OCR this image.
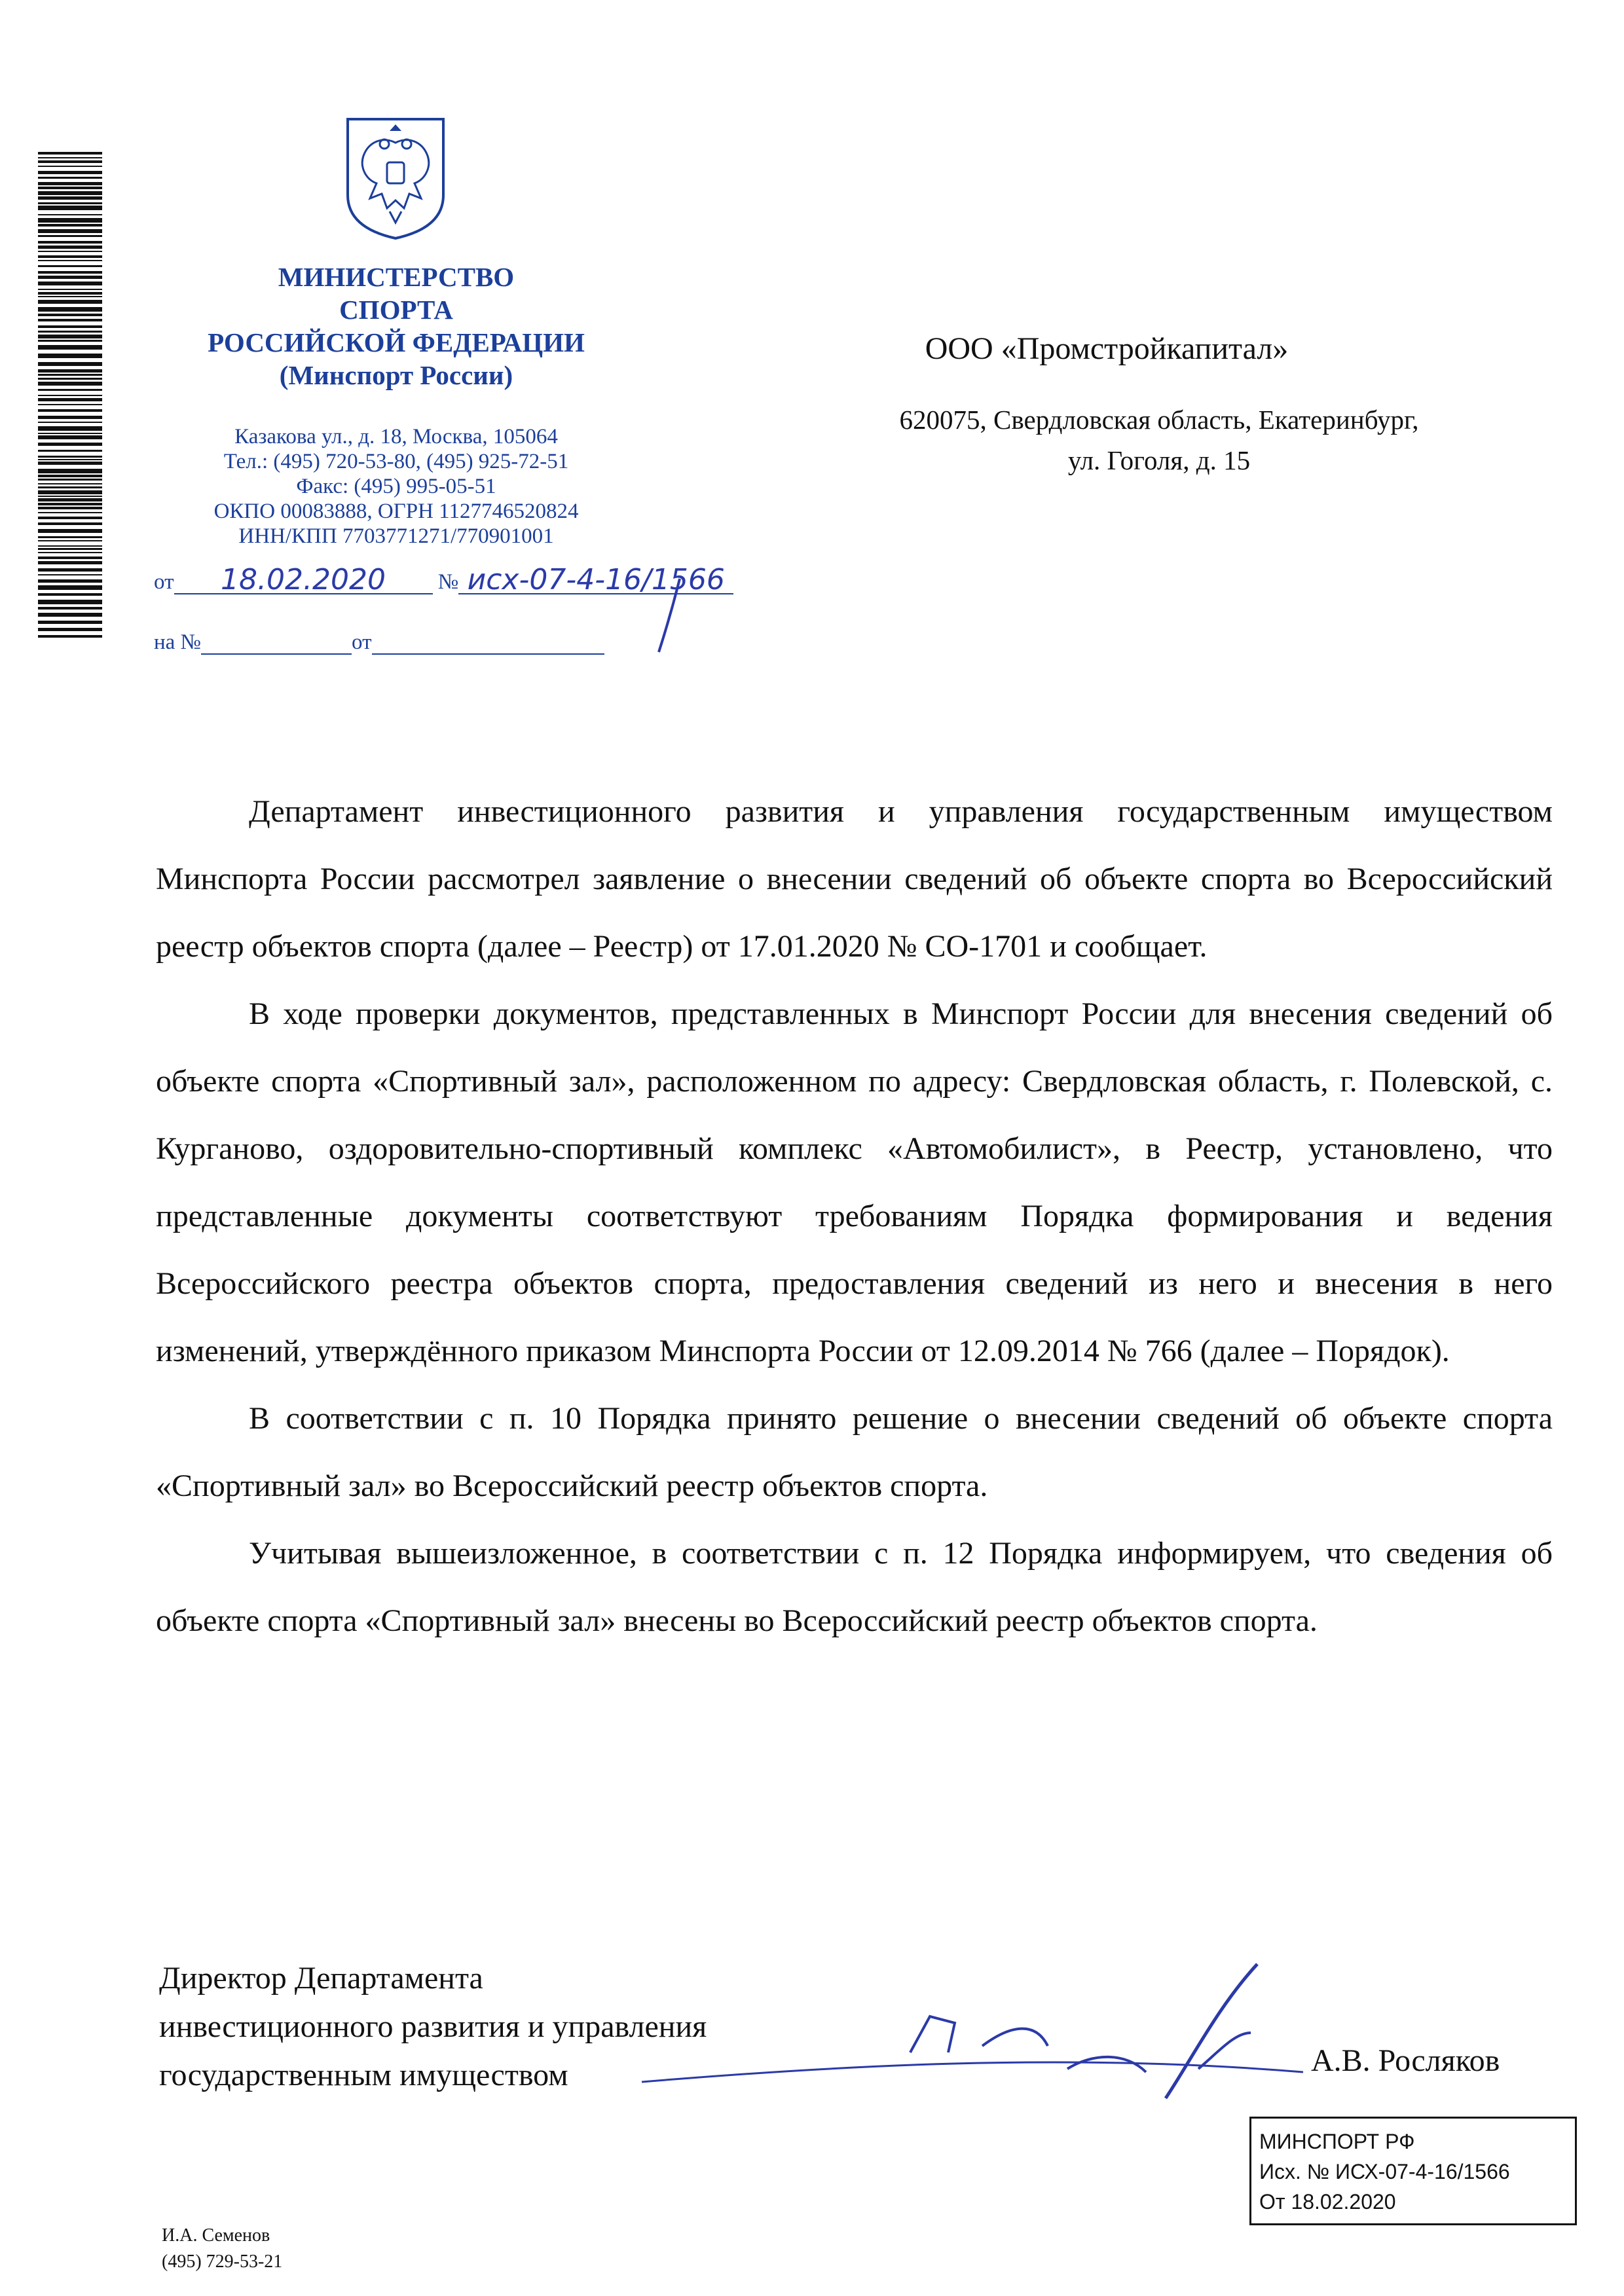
МИНИСТЕРСТВО
СПОРТА
РОССИЙСКОЙ ФЕДЕРАЦИИ
(Минспорт России)
Казакова ул., д. 18, Москва, 105064
Тел.: (495) 720-53-80, (495) 925-72-51
Факс: (495) 995-05-51
ОКПО 00083888, ОГРН 1127746520824
ИНН/КПП 7703771271/770901001
от 18.02.2020 № исх-07-4-16/1566
на №	от
ООО «Промстройкапитал»
620075, Свердловская область, Екатеринбург,
ул. Гоголя, д. 15

Департамент инвестиционного развития и управления государственным имуществом Минспорта России рассмотрел заявление о внесении сведений об объекте спорта во Всероссийский реестр объектов спорта (далее – Реестр) от 17.01.2020 № СО-1701 и сообщает.

В ходе проверки документов, представленных в Минспорт России для внесения сведений об объекте спорта «Спортивный зал», расположенном по адресу: Свердловская область, г. Полевской, с. Курганово, оздоровительно-спортивный комплекс «Автомобилист», в Реестр, установлено, что представленные документы соответствуют требованиям Порядка формирования и ведения Всероссийского реестра объектов спорта, предоставления сведений из него и внесения в него изменений, утверждённого приказом Минспорта России от 12.09.2014 № 766 (далее – Порядок).

В соответствии с п. 10 Порядка принято решение о внесении сведений об объекте спорта «Спортивный зал» во Всероссийский реестр объектов спорта.

Учитывая вышеизложенное, в соответствии с п. 12 Порядка информируем, что сведения об объекте спорта «Спортивный зал» внесены во Всероссийский реестр объектов спорта.

Директор Департамента
инвестиционного развития и управления
государственным имуществом	А.В. Росляков
МИНСПОРТ РФ
Исх. № ИСХ-07-4-16/1566
От 18.02.2020
И.А. Семенов
(495) 729-53-21
